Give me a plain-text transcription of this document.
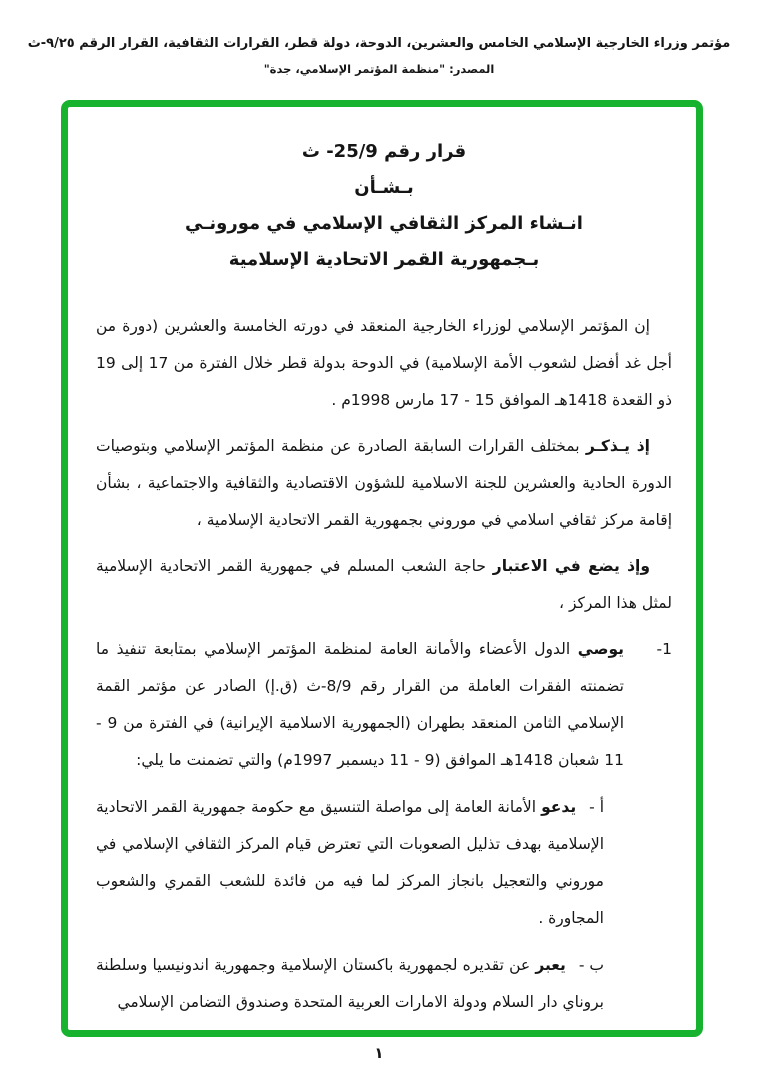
مؤتمر وزراء الخارجية الإسلامي الخامس والعشرين، الدوحة، دولة قطر، القرارات الثقافية، القرار الرقم ٩/٢٥-ث
المصدر: "منظمة المؤتمر الإسلامي، جدة"
قرار رقم 25/9- ث
بـشـأن
انـشاء المركز الثقافي الإسلامي في مورونـي
بـجمهورية القمر الاتحادية الإسلامية

إن المؤتمر الإسلامي لوزراء الخارجية المنعقد في دورته الخامسة والعشرين (دورة من أجل غد أفضل لشعوب الأمة الإسلامية) في الدوحة بدولة قطر خلال الفترة من 17 إلى 19 ذو القعدة 1418هـ الموافق 15 - 17 مارس 1998م .

إذ يـذكـر بمختلف القرارات السابقة الصادرة عن منظمة المؤتمر الإسلامي وبتوصيات الدورة الحادية والعشرين للجنة الاسلامية للشؤون الاقتصادية والثقافية والاجتماعية ، بشأن إقامة مركز ثقافي اسلامي في موروني بجمهورية القمر الاتحادية الإسلامية ،

وإذ يضع في الاعتبار حاجة الشعب المسلم في جمهورية القمر الاتحادية الإسلامية لمثل هذا المركز ،

1-
يوصي الدول الأعضاء والأمانة العامة لمنظمة المؤتمر الإسلامي بمتابعة تنفيذ ما تضمنته الفقرات العاملة من القرار رقم 8/9-ث (ق.إ) الصادر عن مؤتمر القمة الإسلامي الثامن المنعقد بطهران (الجمهورية الاسلامية الإيرانية) في الفترة من 9 - 11 شعبان 1418هـ الموافق (9 - 11 ديسمبر 1997م) والتي تضمنت ما يلي:

أ -يدعو الأمانة العامة إلى مواصلة التنسيق مع حكومة جمهورية القمر الاتحادية الإسلامية بهدف تذليل الصعوبات التي تعترض قيام المركز الثقافي الإسلامي في موروني والتعجيل بانجاز المركز لما فيه من فائدة للشعب القمري والشعوب المجاورة .

ب -يعبر عن تقديره لجمهورية باكستان الإسلامية وجمهورية اندونيسيا وسلطنة بروناي دار السلام ودولة الامارات العربية المتحدة وصندوق التضامن الإسلامي

١
